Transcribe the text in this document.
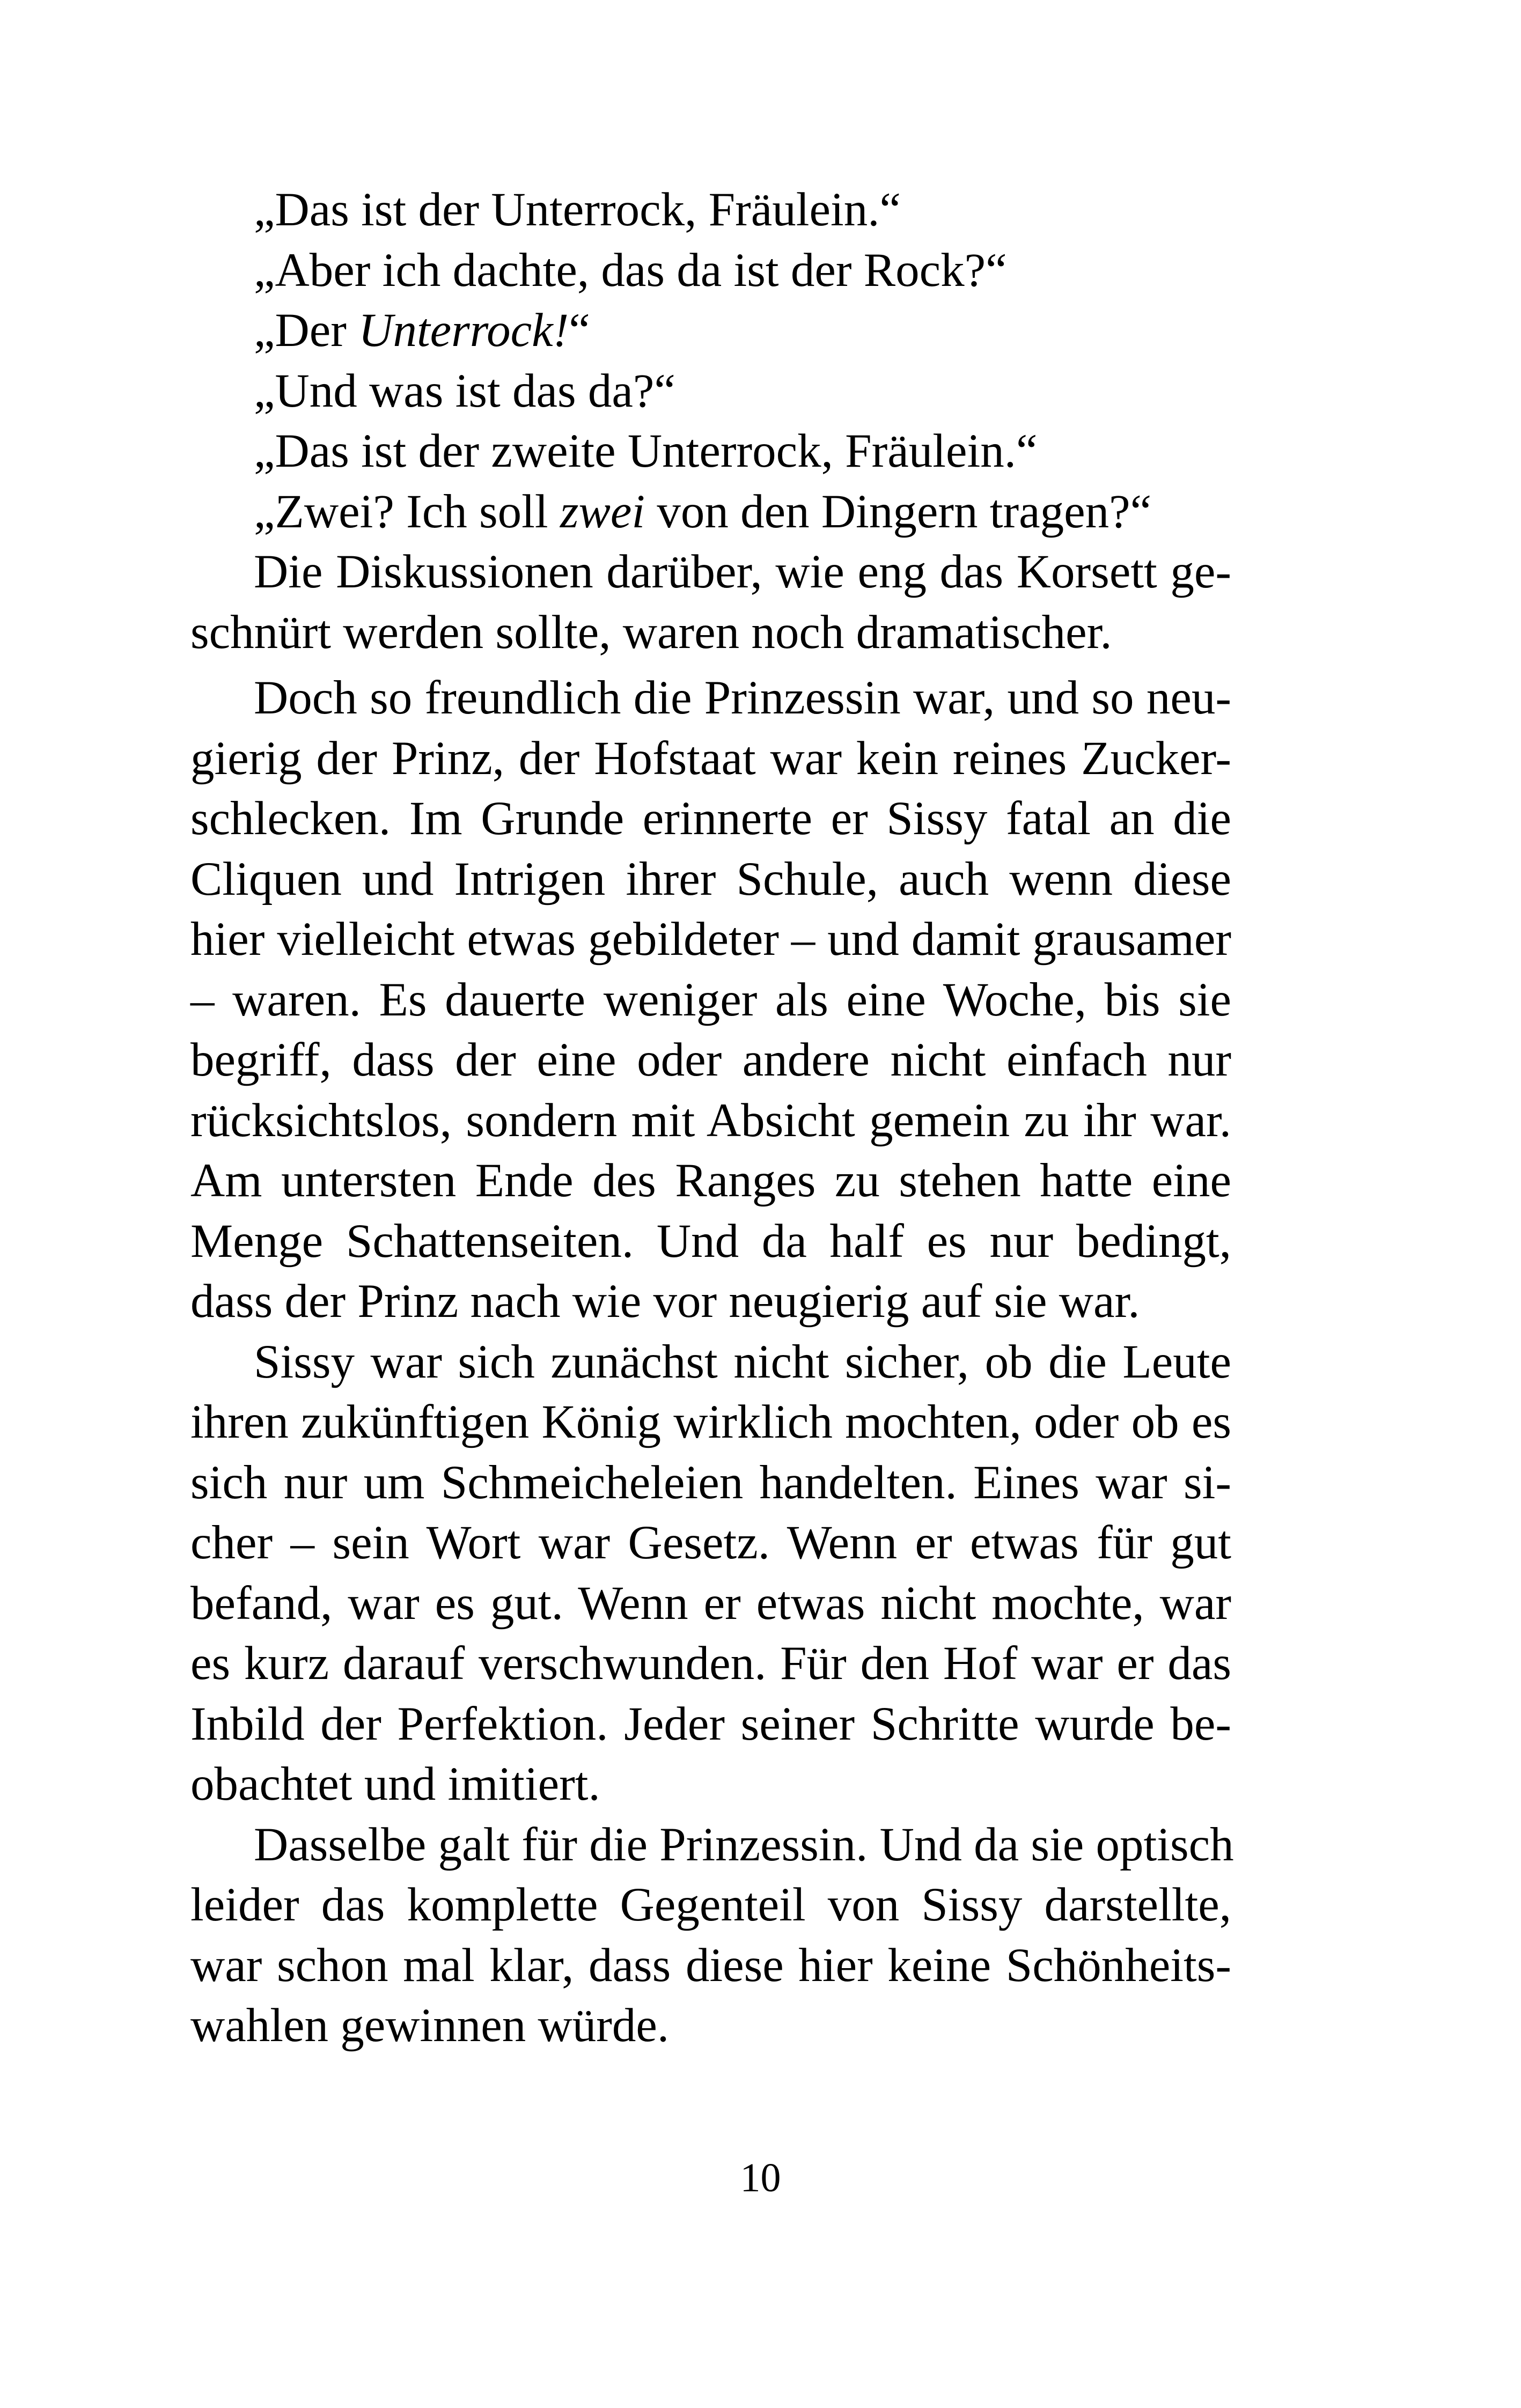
„Das ist der Unterrock, Fräulein.“
„Aber ich dachte, das da ist der Rock?“
„Der Unterrock!“
„Und was ist das da?“
„Das ist der zweite Unterrock, Fräulein.“
„Zwei? Ich soll zwei von den Dingern tragen?“
Die Diskussionen darüber, wie eng das Korsett ge-
schnürt werden sollte, waren noch dramatischer.
Doch so freundlich die Prinzessin war, und so neu-
gierig der Prinz, der Hofstaat war kein reines Zucker-
schlecken. Im Grunde erinnerte er Sissy fatal an die
Cliquen und Intrigen ihrer Schule, auch wenn diese
hier vielleicht etwas gebildeter – und damit grausamer
– waren. Es dauerte weniger als eine Woche, bis sie
begriff, dass der eine oder andere nicht einfach nur
rücksichtslos, sondern mit Absicht gemein zu ihr war.
Am untersten Ende des Ranges zu stehen hatte eine
Menge Schattenseiten. Und da half es nur bedingt,
dass der Prinz nach wie vor neugierig auf sie war.
Sissy war sich zunächst nicht sicher, ob die Leute
ihren zukünftigen König wirklich mochten, oder ob es
sich nur um Schmeicheleien handelten. Eines war si-
cher – sein Wort war Gesetz. Wenn er etwas für gut
befand, war es gut. Wenn er etwas nicht mochte, war
es kurz darauf verschwunden. Für den Hof war er das
Inbild der Perfektion. Jeder seiner Schritte wurde be-
obachtet und imitiert.
Dasselbe galt für die Prinzessin. Und da sie optisch
leider das komplette Gegenteil von Sissy darstellte,
war schon mal klar, dass diese hier keine Schönheits-
wahlen gewinnen würde.
10
